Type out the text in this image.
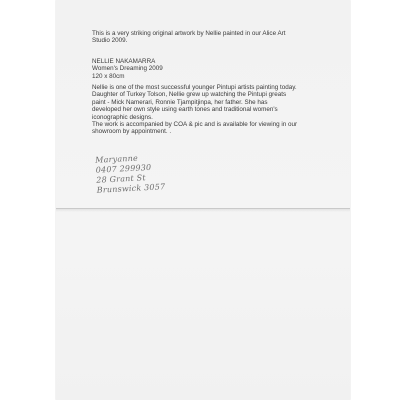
This is a very striking original artwork by Nellie painted in our Alice Art
Studio 2009.

NELLIE NAKAMARRA
Women's Dreaming 2009
120 x 80cm

Nellie is one of the most successful younger Pintupi artists painting today.
Daughter of Turkey Tolson, Nellie grew up watching the Pintupi greats
paint - Mick Namerari, Ronnie Tjampitjinpa, her father. She has
developed her own style using earth tones and traditional women's
iconographic designs.

The work is accompanied by COA & pic and is available for viewing in our
showroom by appointment. .

Maryanne
0407 299930
28 Grant St
Brunswick 3057
